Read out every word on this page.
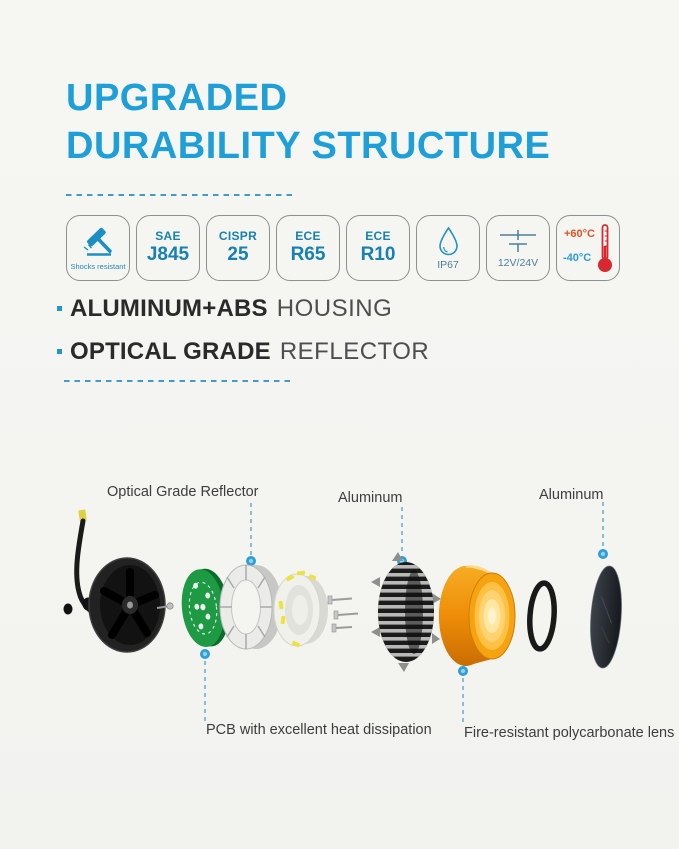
UPGRADED
DURABILITY STRUCTURE
Shocks resistant
SAE
J845
CISPR
25
ECE
R65
ECE
R10	IP67	12V/24V
+60°C
-40°C
ALUMINUM+ABS HOUSING
OPTICAL GRADE REFLECTOR
Optical Grade Reflector	Aluminum	Aluminum
PCB with excellent heat dissipation Fire-resistant polycarbonate lens
